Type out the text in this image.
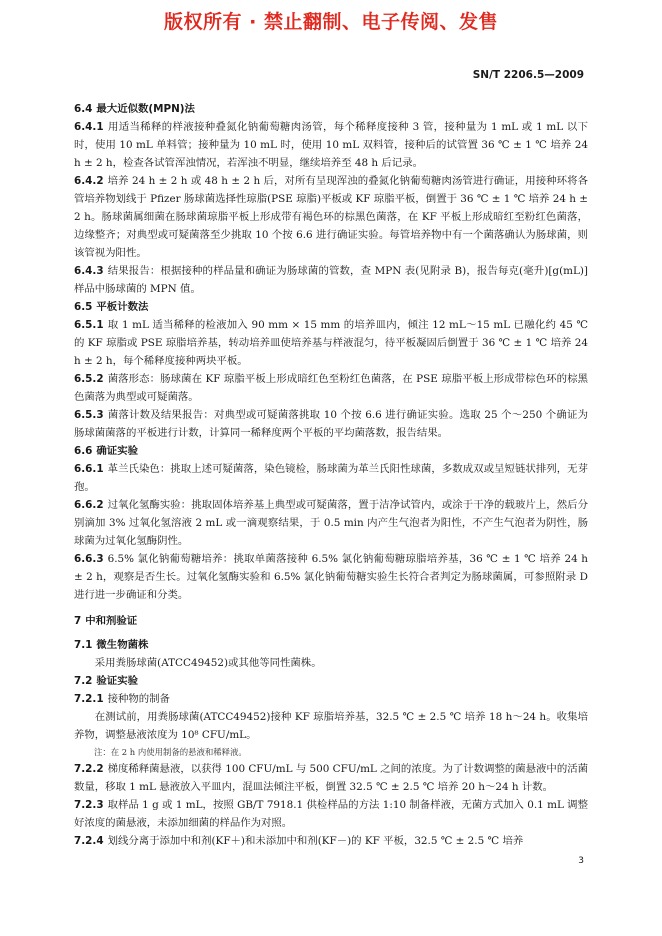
版权所有 · 禁止翻制、电子传阅、发售
SN/T 2206.5—2009

6.4 最大近似数(MPN)法

6.4.1 用适当稀释的样液接种叠氮化钠葡萄糖肉汤管，每个稀释度接种 3 管，接种量为 1 mL 或 1 mL 以下时，使用 10 mL 单料管；接种量为 10 mL 时，使用 10 mL 双料管，接种后的试管置 36 ℃ ± 1 ℃ 培养 24 h ± 2 h，检查各试管浑浊情况，若浑浊不明显，继续培养至 48 h 后记录。

6.4.2 培养 24 h ± 2 h 或 48 h ± 2 h 后，对所有呈现浑浊的叠氮化钠葡萄糖肉汤管进行确证，用接种环将各管培养物划线于 Pfizer 肠球菌选择性琼脂(PSE 琼脂)平板或 KF 琼脂平板，倒置于 36 ℃ ± 1 ℃ 培养 24 h ± 2 h。肠球菌属细菌在肠球菌琼脂平板上形成带有褐色环的棕黑色菌落，在 KF 平板上形成暗红至粉红色菌落，边缘整齐；对典型或可疑菌落至少挑取 10 个按 6.6 进行确证实验。每管培养物中有一个菌落确认为肠球菌，则该管视为阳性。

6.4.3 结果报告：根据接种的样品量和确证为肠球菌的管数，查 MPN 表(见附录 B)，报告每克(毫升)[g(mL)]样品中肠球菌的 MPN 值。

6.5 平板计数法

6.5.1 取 1 mL 适当稀释的检液加入 90 mm × 15 mm 的培养皿内，倾注 12 mL～15 mL 已融化约 45 ℃ 的 KF 琼脂或 PSE 琼脂培养基，转动培养皿使培养基与样液混匀，待平板凝固后倒置于 36 ℃ ± 1 ℃ 培养 24 h ± 2 h，每个稀释度接种两块平板。

6.5.2 菌落形态：肠球菌在 KF 琼脂平板上形成暗红色至粉红色菌落，在 PSE 琼脂平板上形成带棕色环的棕黑色菌落为典型或可疑菌落。

6.5.3 菌落计数及结果报告：对典型或可疑菌落挑取 10 个按 6.6 进行确证实验。选取 25 个～250 个确证为肠球菌菌落的平板进行计数，计算同一稀释度两个平板的平均菌落数，报告结果。

6.6 确证实验

6.6.1 革兰氏染色：挑取上述可疑菌落，染色镜检，肠球菌为革兰氏阳性球菌，多数成双或呈短链状排列，无芽孢。

6.6.2 过氧化氢酶实验：挑取固体培养基上典型或可疑菌落，置于洁净试管内，或涂于干净的载玻片上，然后分别滴加 3% 过氧化氢溶液 2 mL 或一滴观察结果，于 0.5 min 内产生气泡者为阳性，不产生气泡者为阴性，肠球菌为过氧化氢酶阴性。

6.6.3 6.5% 氯化钠葡萄糖培养：挑取单菌落接种 6.5% 氯化钠葡萄糖琼脂培养基，36 ℃ ± 1 ℃ 培养 24 h ± 2 h，观察是否生长。过氧化氢酶实验和 6.5% 氯化钠葡萄糖实验生长符合者判定为肠球菌属，可参照附录 D 进行进一步确证和分类。

7 中和剂验证

7.1 微生物菌株

采用粪肠球菌(ATCC49452)或其他等同性菌株。

7.2 验证实验

7.2.1 接种物的制备

在测试前，用粪肠球菌(ATCC49452)接种 KF 琼脂培养基，32.5 ℃ ± 2.5 ℃ 培养 18 h～24 h。收集培养物，调整悬液浓度为 10⁸ CFU/mL。

注：在 2 h 内使用制备的悬液和稀释液。

7.2.2 梯度稀释菌悬液，以获得 100 CFU/mL 与 500 CFU/mL 之间的浓度。为了计数调整的菌悬液中的活菌数量，移取 1 mL 悬液放入平皿内，混皿法倾注平板，倒置 32.5 ℃ ± 2.5 ℃ 培养 20 h～24 h 计数。

7.2.3 取样品 1 g 或 1 mL，按照 GB/T 7918.1 供检样品的方法 1:10 制备样液，无菌方式加入 0.1 mL 调整好浓度的菌悬液，未添加细菌的样品作为对照。

7.2.4 划线分离于添加中和剂(KF＋)和未添加中和剂(KF－)的 KF 平板，32.5 ℃ ± 2.5 ℃ 培养

3
